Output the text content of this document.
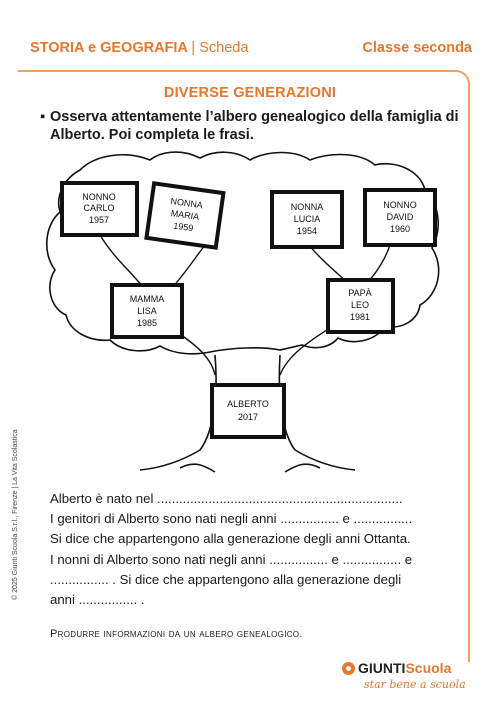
STORIA e GEOGRAFIA | Scheda	Classe seconda
DIVERSE GENERAZIONI
▪ Osserva attentamente l’albero genealogico della famiglia di Alberto. Poi completa le frasi.
NONNO
CARLO
1957
NONNA
MARIA
1959
NONNA
LUCIA
1954
NONNO
DAVID
1960
MAMMA
LISA
1985
PAPÀ
LEO
1981
ALBERTO
2017
Alberto è nato nel ...................................................................
I genitori di Alberto sono nati negli anni ................ e ................
Si dice che appartengono alla generazione degli anni Ottanta.
I nonni di Alberto sono nati negli anni ................ e ................ e
................ . Si dice che appartengono alla generazione degli
anni ................ .
Produrre informazioni da un albero genealogico.
© 2025 Giunti Scuola S.r.l., Firenze | La Vita Scolastica
GIUNTIScuola
star bene a scuola
